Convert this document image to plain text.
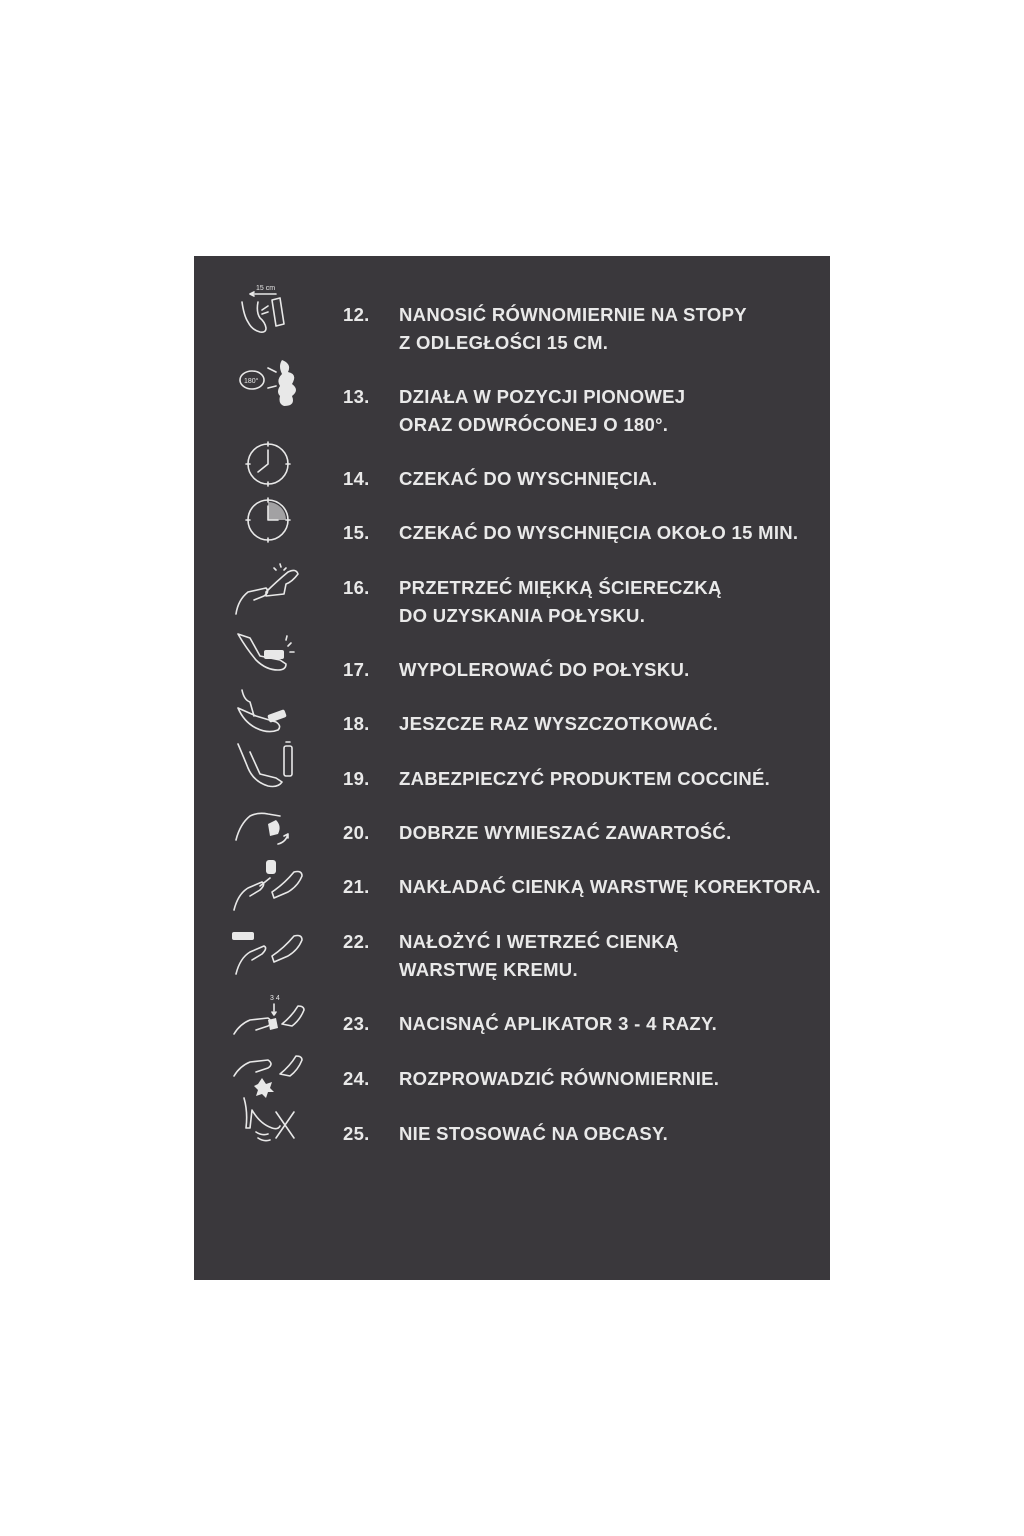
15 cm
12. NANOSIĆ RÓWNOMIERNIE NA STOPY
Z ODLEGŁOŚCI 15 CM.
180°
13. DZIAŁA W POZYCJI PIONOWEJ
ORAZ ODWRÓCONEJ O 180°.
14. CZEKAĆ DO WYSCHNIĘCIA.
15. CZEKAĆ DO WYSCHNIĘCIA OKOŁO 15 MIN.
16. PRZETRZEĆ MIĘKKĄ ŚCIERECZKĄ
DO UZYSKANIA POŁYSKU.
17. WYPOLEROWAĆ DO POŁYSKU.
18. JESZCZE RAZ WYSZCZOTKOWAĆ.
19. ZABEZPIECZYĆ PRODUKTEM COCCINÉ.
20. DOBRZE WYMIESZAĆ ZAWARTOŚĆ.
21. NAKŁADAĆ CIENKĄ WARSTWĘ KOREKTORA.
22. NAŁOŻYĆ I WETRZEĆ CIENKĄ
WARSTWĘ KREMU.
3 4
23. NACISNĄĆ APLIKATOR 3 - 4 RAZY.
24. ROZPROWADZIĆ RÓWNOMIERNIE.
25. NIE STOSOWAĆ NA OBCASY.
